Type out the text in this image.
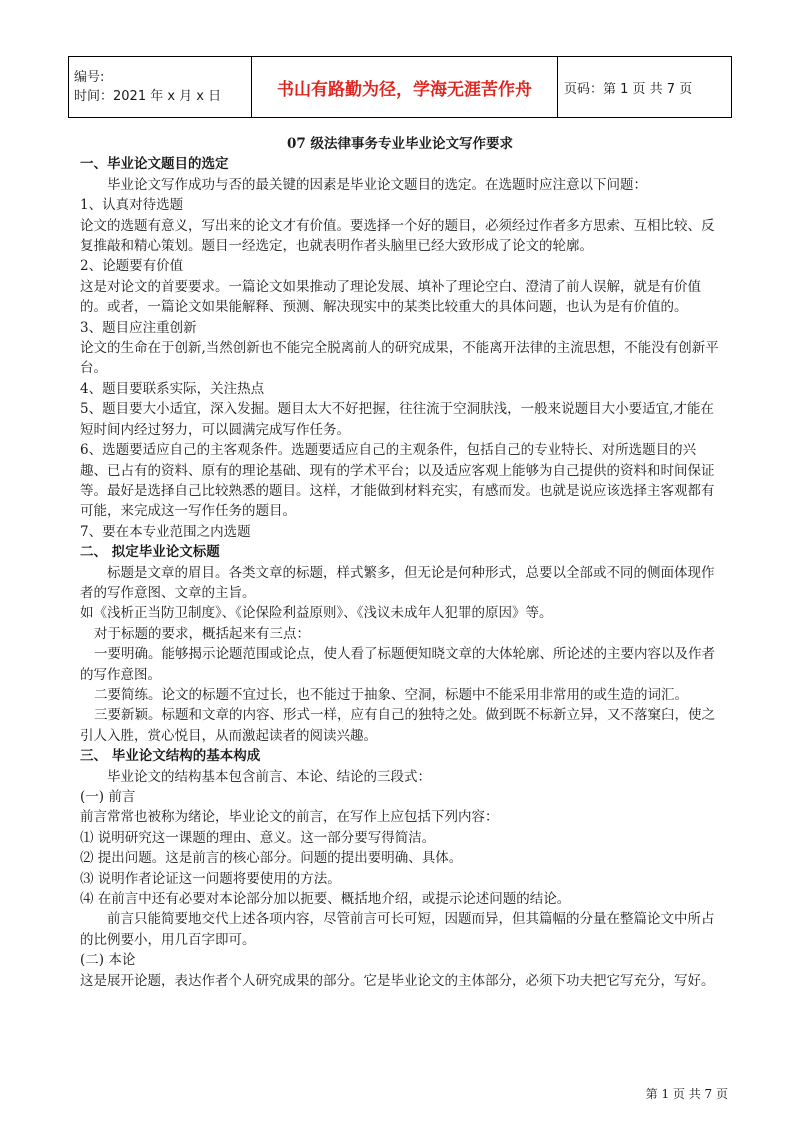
编号:
时间：2021 年 x 月 x 日	书山有路勤为径，学海无涯苦作舟	页码：第 1 页 共 7 页
07 级法律事务专业毕业论文写作要求

一、毕业论文题目的选定

毕业论文写作成功与否的最关键的因素是毕业论文题目的选定。在选题时应注意以下问题：

1、认真对待选题

论文的选题有意义，写出来的论文才有价值。要选择一个好的题目，必须经过作者多方思索、互相比较、反复推敲和精心策划。题目一经选定，也就表明作者头脑里已经大致形成了论文的轮廓。

2、论题要有价值

这是对论文的首要要求。一篇论文如果推动了理论发展、填补了理论空白、澄清了前人误解，就是有价值的。或者，一篇论文如果能解释、预测、解决现实中的某类比较重大的具体问题，也认为是有价值的。

3、题目应注重创新

论文的生命在于创新,当然创新也不能完全脱离前人的研究成果，不能离开法律的主流思想，不能没有创新平台。

4、题目要联系实际，关注热点

5、题目要大小适宜，深入发掘。题目太大不好把握，往往流于空洞肤浅，一般来说题目大小要适宜,才能在短时间内经过努力，可以圆满完成写作任务。

6、选题要适应自己的主客观条件。选题要适应自己的主观条件，包括自己的专业特长、对所选题目的兴趣、已占有的资料、原有的理论基础、现有的学术平台；以及适应客观上能够为自己提供的资料和时间保证等。最好是选择自己比较熟悉的题目。这样，才能做到材料充实，有感而发。也就是说应该选择主客观都有可能，来完成这一写作任务的题目。

7、要在本专业范围之内选题

二、 拟定毕业论文标题

标题是文章的眉目。各类文章的标题，样式繁多，但无论是何种形式，总要以全部或不同的侧面体现作者的写作意图、文章的主旨。

如《浅析正当防卫制度》、《论保险利益原则》、《浅议未成年人犯罪的原因》等。

对于标题的要求，概括起来有三点：

一要明确。能够揭示论题范围或论点，使人看了标题便知晓文章的大体轮廓、所论述的主要内容以及作者的写作意图。

二要简练。论文的标题不宜过长，也不能过于抽象、空洞，标题中不能采用非常用的或生造的词汇。

三要新颖。标题和文章的内容、形式一样，应有自己的独特之处。做到既不标新立异，又不落窠臼，使之引人入胜，赏心悦目，从而激起读者的阅读兴趣。

三、 毕业论文结构的基本构成

毕业论文的结构基本包含前言、本论、结论的三段式：

(一) 前言

前言常常也被称为绪论，毕业论文的前言，在写作上应包括下列内容：

⑴ 说明研究这一课题的理由、意义。这一部分要写得简洁。

⑵ 提出问题。这是前言的核心部分。问题的提出要明确、具体。

⑶ 说明作者论证这一问题将要使用的方法。

⑷ 在前言中还有必要对本论部分加以扼要、概括地介绍，或提示论述问题的结论。

前言只能简要地交代上述各项内容，尽管前言可长可短，因题而异，但其篇幅的分量在整篇论文中所占的比例要小，用几百字即可。

(二) 本论

这是展开论题，表达作者个人研究成果的部分。它是毕业论文的主体部分，必须下功夫把它写充分，写好。

第 1 页 共 7 页
